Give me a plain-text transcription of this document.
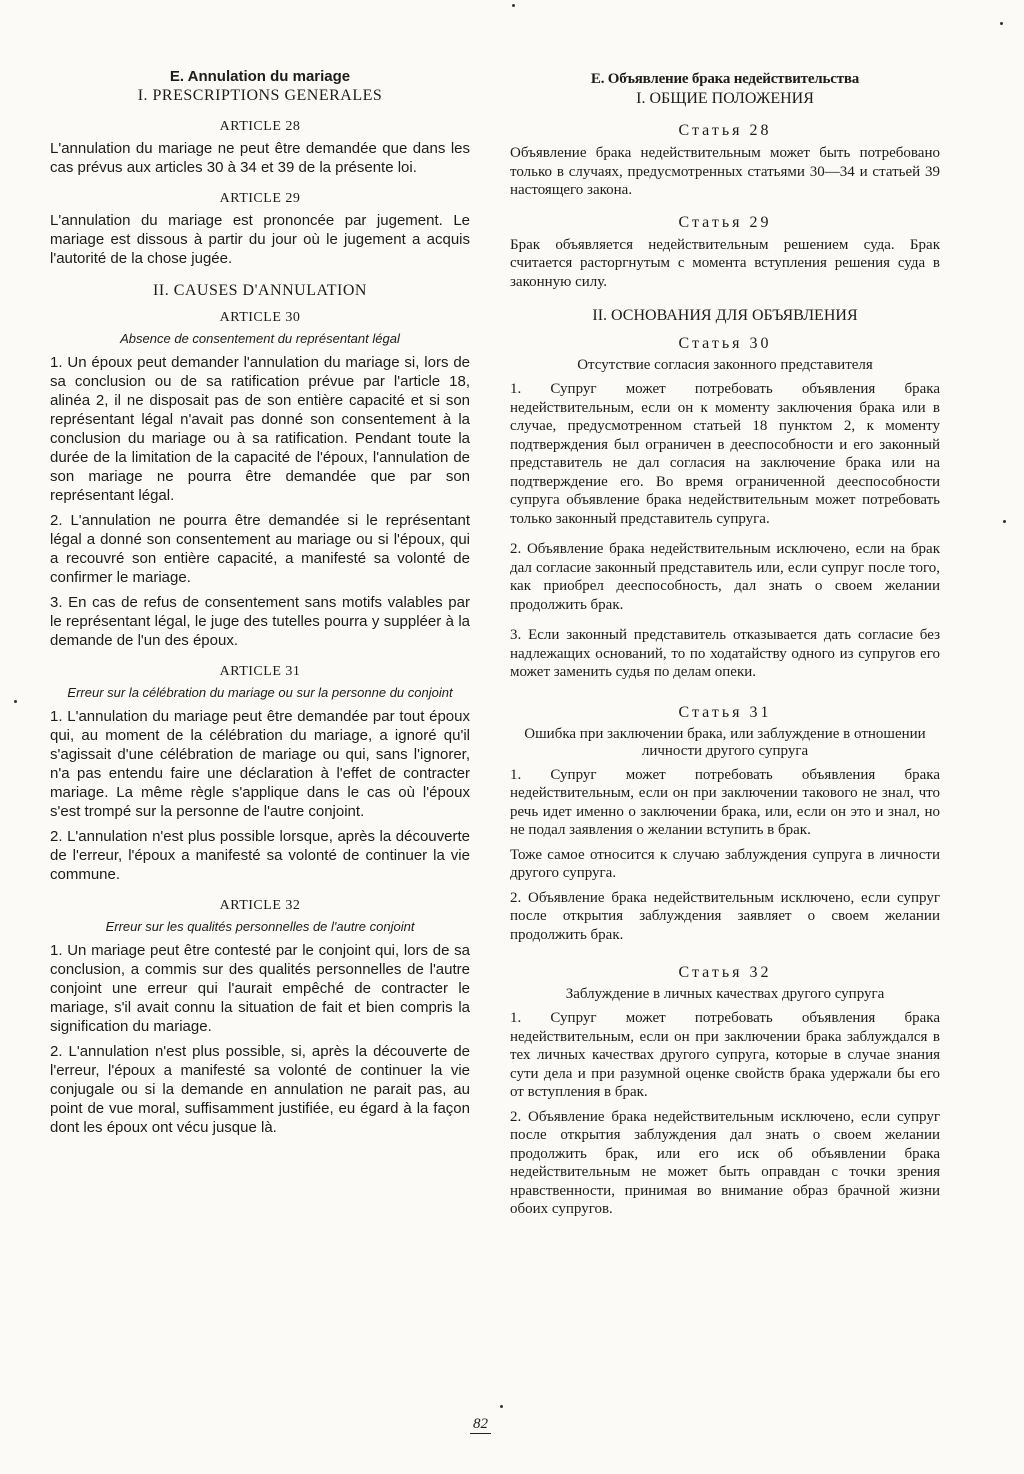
E. Annulation du mariage

I. PRESCRIPTIONS GENERALES

ARTICLE 28

L'annulation du mariage ne peut être demandée que dans les cas prévus aux articles 30 à 34 et 39 de la présente loi.

ARTICLE 29

L'annulation du mariage est prononcée par jugement. Le mariage est dissous à partir du jour où le jugement a acquis l'autorité de la chose jugée.

II. CAUSES D'ANNULATION

ARTICLE 30

Absence de consentement du représentant légal

1. Un époux peut demander l'annulation du mariage si, lors de sa conclusion ou de sa ratification prévue par l'article 18, alinéa 2, il ne disposait pas de son entière capacité et si son représentant légal n'avait pas donné son consentement à la conclusion du mariage ou à sa ratification. Pendant toute la durée de la limitation de la capacité de l'époux, l'annulation de son mariage ne pourra être demandée que par son représentant légal.

2. L'annulation ne pourra être demandée si le représentant légal a donné son consentement au mariage ou si l'époux, qui a recouvré son entière capacité, a manifesté sa volonté de confirmer le mariage.

3. En cas de refus de consentement sans motifs valables par le représentant légal, le juge des tutelles pourra y suppléer à la demande de l'un des époux.

ARTICLE 31

Erreur sur la célébration du mariage ou sur la personne du conjoint

1. L'annulation du mariage peut être demandée par tout époux qui, au moment de la célébration du mariage, a ignoré qu'il s'agissait d'une célébration de mariage ou qui, sans l'ignorer, n'a pas entendu faire une déclaration à l'effet de contracter mariage. La même règle s'applique dans le cas où l'époux s'est trompé sur la personne de l'autre conjoint.

2. L'annulation n'est plus possible lorsque, après la découverte de l'erreur, l'époux a manifesté sa volonté de continuer la vie commune.

ARTICLE 32

Erreur sur les qualités personnelles de l'autre conjoint

1. Un mariage peut être contesté par le conjoint qui, lors de sa conclusion, a commis sur des qualités personnelles de l'autre conjoint une erreur qui l'aurait empêché de contracter le mariage, s'il avait connu la situation de fait et bien compris la signification du mariage.

2. L'annulation n'est plus possible, si, après la découverte de l'erreur, l'époux a manifesté sa volonté de continuer la vie conjugale ou si la demande en annulation ne parait pas, au point de vue moral, suffisamment justifiée, eu égard à la façon dont les époux ont vécu jusque là.

Е. Объявление брака недействительства

I. ОБЩИЕ ПОЛОЖЕНИЯ

Статья 28

Объявление брака недействительным может быть потребовано только в случаях, предусмотренных статьями 30—34 и статьей 39 настоящего закона.

Статья 29

Брак объявляется недействительным решением суда. Брак считается расторгнутым с момента вступления решения суда в законную силу.

II. ОСНОВАНИЯ ДЛЯ ОБЪЯВЛЕНИЯ

Статья 30

Отсутствие согласия законного представителя

1. Супруг может потребовать объявления брака недействительным, если он к моменту заключения брака или в случае, предусмотренном статьей 18 пунктом 2, к моменту подтверждения был ограничен в дееспособности и его законный представитель не дал согласия на заключение брака или на подтверждение его. Во время ограниченной дееспособности супруга объявление брака недействительным может потребовать только законный представитель супруга.

2. Объявление брака недействительным исключено, если на брак дал согласие законный представитель или, если супруг после того, как приобрел дееспособность, дал знать о своем желании продолжить брак.

3. Если законный представитель отказывается дать согласие без надлежащих оснований, то по ходатайству одного из супругов его может заменить судья по делам опеки.

Статья 31

Ошибка при заключении брака, или заблуждение в отношении личности другого супруга

1. Супруг может потребовать объявления брака недействительным, если он при заключении такового не знал, что речь идет именно о заключении брака, или, если он это и знал, но не подал заявления о желании вступить в брак.

Тоже самое относится к случаю заблуждения супруга в личности другого супруга.

2. Объявление брака недействительным исключено, если супруг после открытия заблуждения заявляет о своем желании продолжить брак.

Статья 32

Заблуждение в личных качествах другого супруга

1. Супруг может потребовать объявления брака недействительным, если он при заключении брака заблуждался в тех личных качествах другого супруга, которые в случае знания сути дела и при разумной оценке свойств брака удержали бы его от вступления в брак.

2. Объявление брака недействительным исключено, если супруг после открытия заблуждения дал знать о своем желании продолжить брак, или его иск об объявлении брака недействительным не может быть оправдан с точки зрения нравственности, принимая во внимание образ брачной жизни обоих супругов.

82
